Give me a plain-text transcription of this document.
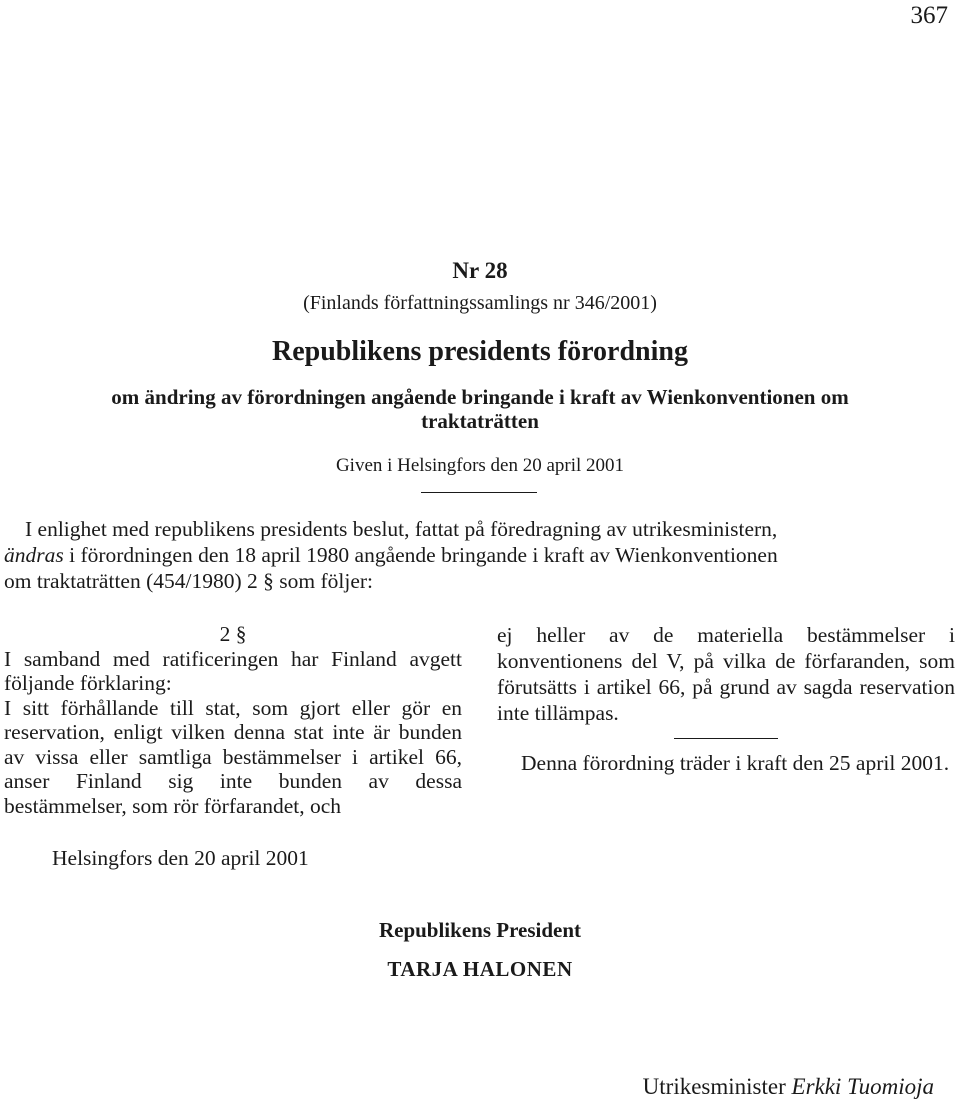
367
Nr 28
(Finlands författningssamlings nr 346/2001)
Republikens presidents förordning
om ändring av förordningen angående bringande i kraft av Wienkonventionen om
traktaträtten
Given i Helsingfors den 20 april 2001
I enlighet med republikens presidents beslut, fattat på föredragning av utrikesministern,
ändras i förordningen den 18 april 1980 angående bringande i kraft av Wienkonventionen
om traktaträtten (454/1980) 2 § som följer:
2 §
I samband med ratificeringen har Finland avgett följande förklaring:
I sitt förhållande till stat, som gjort eller gör en reservation, enligt vilken denna stat inte är bunden av vissa eller samtliga bestämmelser i artikel 66, anser Finland sig inte bunden av dessa bestämmelser, som rör förfarandet, och
ej heller av de materiella bestämmelser i konventionens del V, på vilka de förfaranden, som förutsätts i artikel 66, på grund av sagda reservation inte tillämpas.
Denna förordning träder i kraft den 25 april 2001.
Helsingfors den 20 april 2001
Republikens President
TARJA HALONEN
Utrikesminister Erkki Tuomioja
